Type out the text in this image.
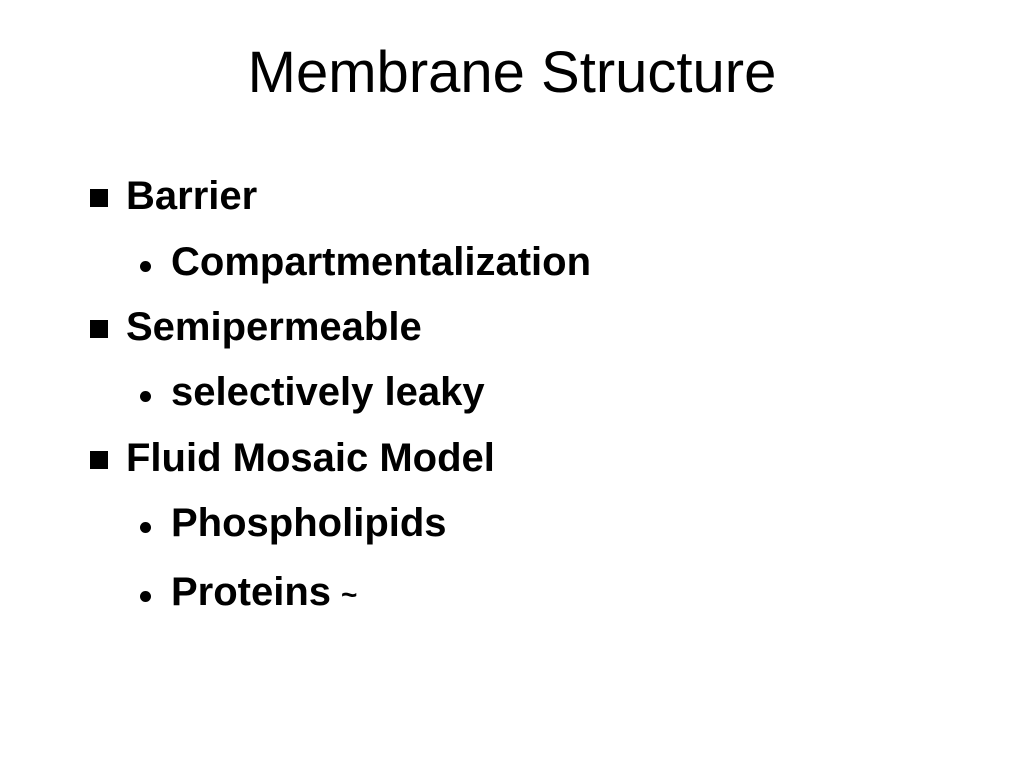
Membrane Structure
Barrier
Compartmentalization
Semipermeable
selectively leaky
Fluid Mosaic Model
Phospholipids
Proteins ~
